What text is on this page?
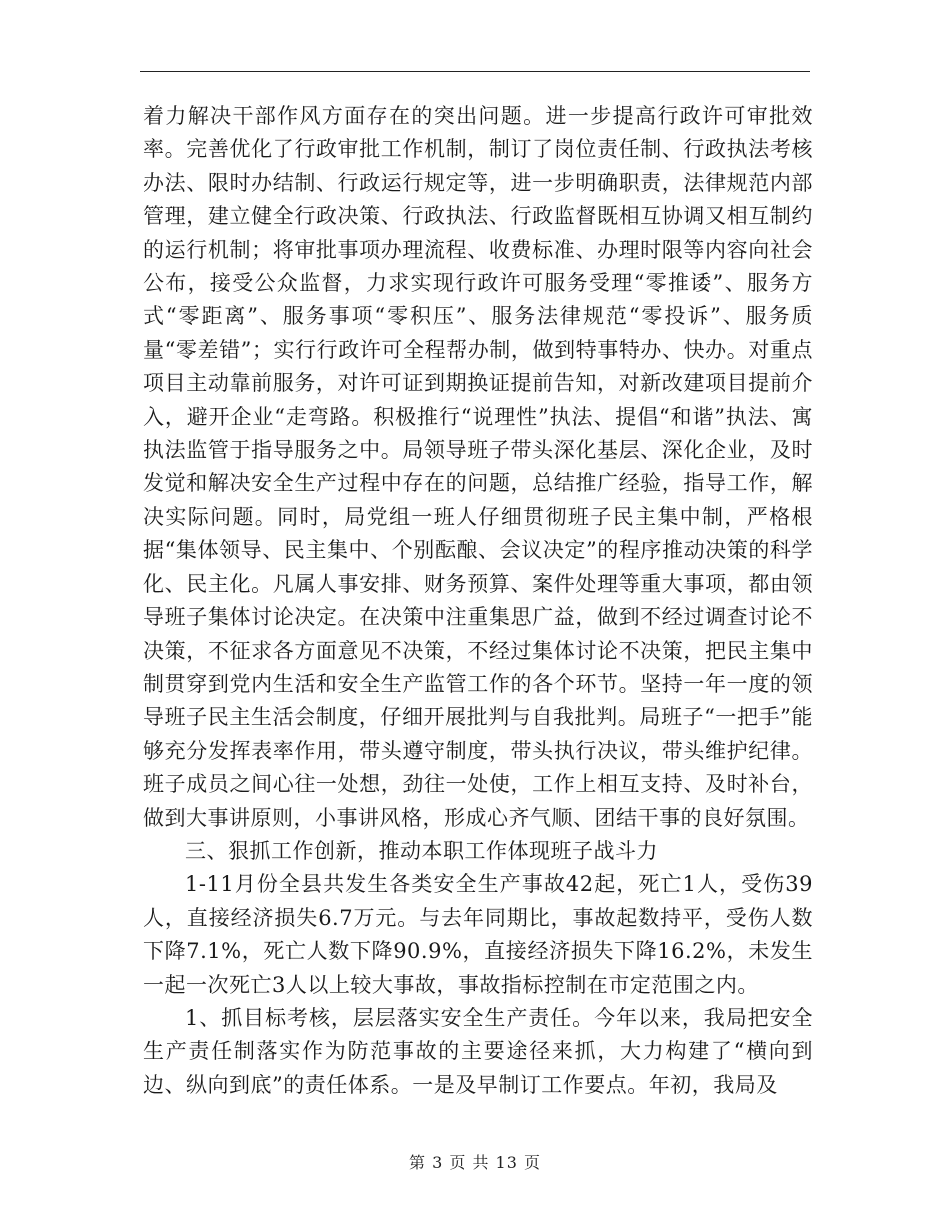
着力解决干部作风方面存在的突出问题。进一步提高行政许可审批效率。完善优化了行政审批工作机制，制订了岗位责任制、行政执法考核办法、限时办结制、行政运行规定等，进一步明确职责，法律规范内部管理，建立健全行政决策、行政执法、行政监督既相互协调又相互制约的运行机制；将审批事项办理流程、收费标准、办理时限等内容向社会公布，接受公众监督，力求实现行政许可服务受理“零推诿”、服务方式“零距离”、服务事项“零积压”、服务法律规范“零投诉”、服务质量“零差错”；实行行政许可全程帮办制，做到特事特办、快办。对重点项目主动靠前服务，对许可证到期换证提前告知，对新改建项目提前介入，避开企业“走弯路。积极推行“说理性”执法、提倡“和谐”执法、寓执法监管于指导服务之中。局领导班子带头深化基层、深化企业，及时发觉和解决安全生产过程中存在的问题，总结推广经验，指导工作，解决实际问题。同时，局党组一班人仔细贯彻班子民主集中制，严格根据“集体领导、民主集中、个别酝酿、会议决定”的程序推动决策的科学化、民主化。凡属人事安排、财务预算、案件处理等重大事项，都由领导班子集体讨论决定。在决策中注重集思广益，做到不经过调查讨论不决策，不征求各方面意见不决策，不经过集体讨论不决策，把民主集中制贯穿到党内生活和安全生产监管工作的各个环节。坚持一年一度的领导班子民主生活会制度，仔细开展批判与自我批判。局班子“一把手”能够充分发挥表率作用，带头遵守制度，带头执行决议，带头维护纪律。班子成员之间心往一处想，劲往一处使，工作上相互支持、及时补台，做到大事讲原则，小事讲风格，形成心齐气顺、团结干事的良好氛围。

三、狠抓工作创新，推动本职工作体现班子战斗力

1-11月份全县共发生各类安全生产事故42起，死亡1人，受伤39人，直接经济损失6.7万元。与去年同期比，事故起数持平，受伤人数下降7.1%，死亡人数下降90.9%，直接经济损失下降16.2%，未发生一起一次死亡3人以上较大事故，事故指标控制在市定范围之内。

1、抓目标考核，层层落实安全生产责任。今年以来，我局把安全生产责任制落实作为防范事故的主要途径来抓，大力构建了“横向到边、纵向到底”的责任体系。一是及早制订工作要点。年初，我局及

第 3 页 共 13 页
